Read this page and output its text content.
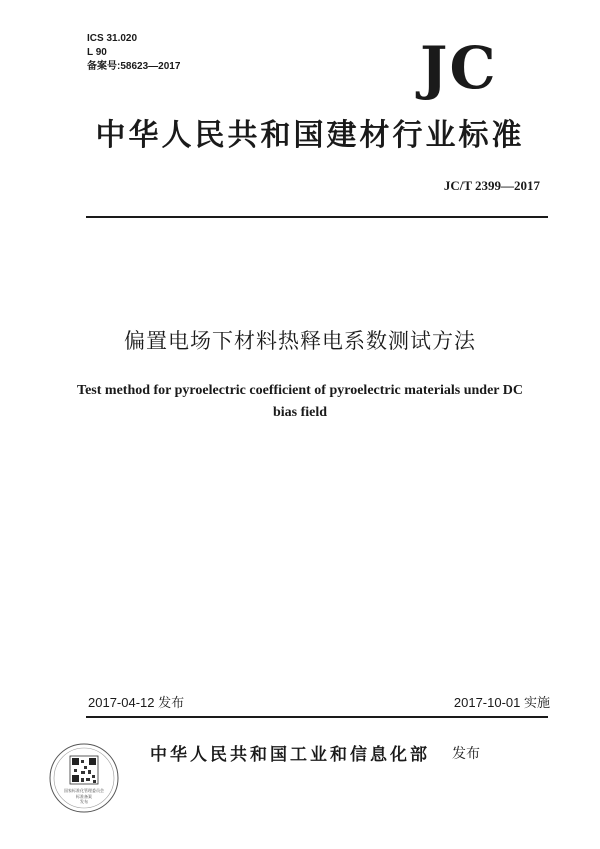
ICS 31.020
L 90
备案号:58623—2017	JC
中华人民共和国建材行业标准
JC/T 2399—2017
偏置电场下材料热释电系数测试方法
Test method for pyroelectric coefficient of pyroelectric materials under DC
bias field
2017-04-12 发布	2017-10-01 实施
国家标准化管理委员会
标准备案
发布
中华人民共和国工业和信息化部 发布
